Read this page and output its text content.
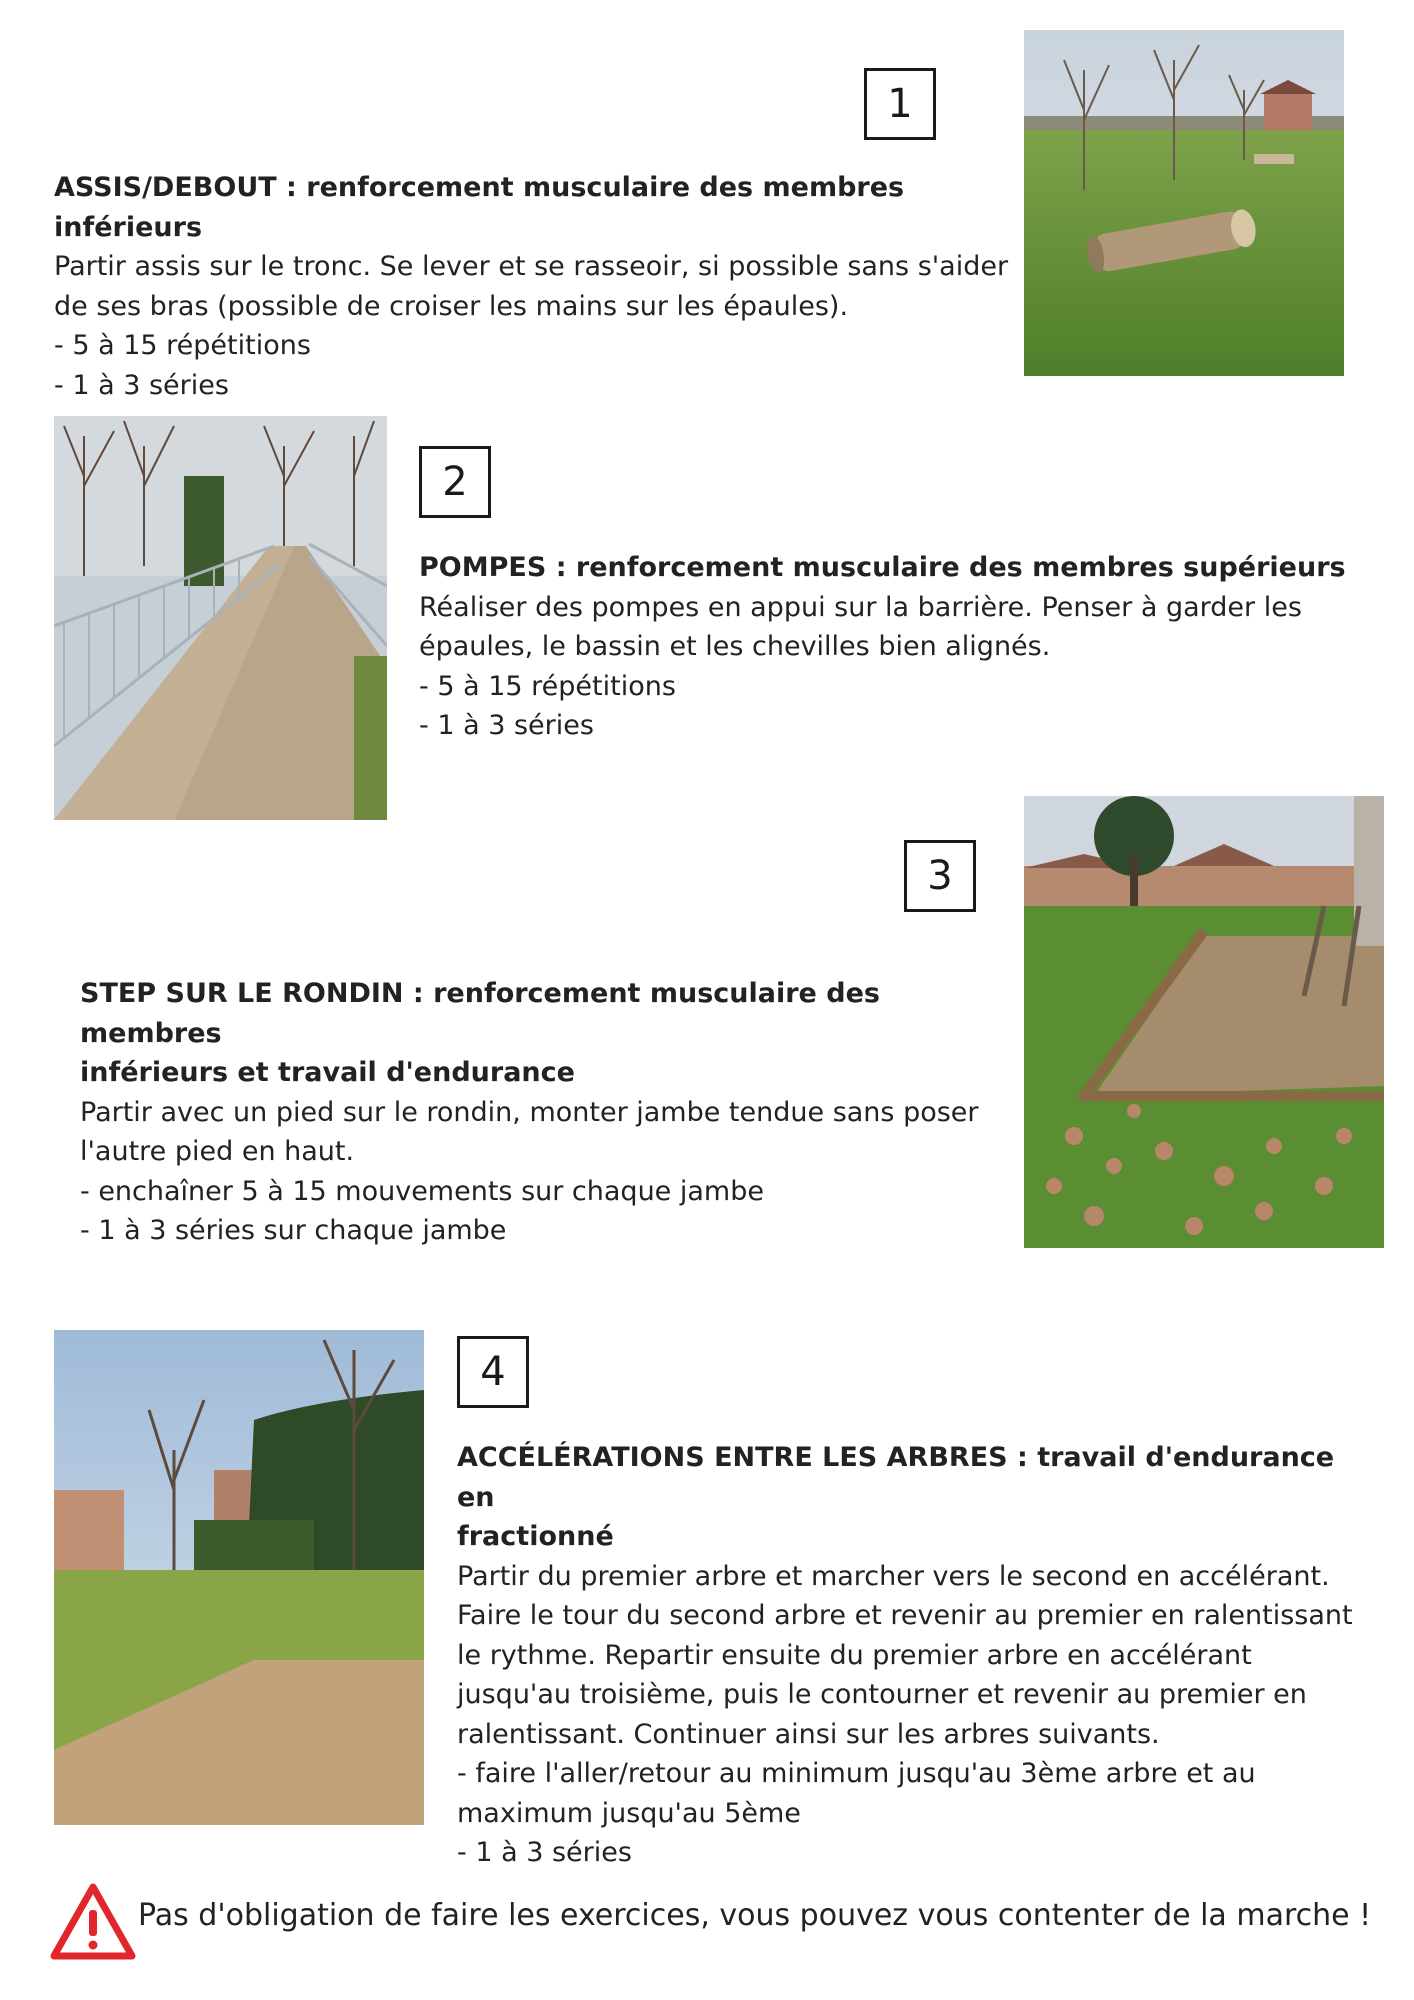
1

ASSIS/DEBOUT : renforcement musculaire des membres inférieurs

Partir assis sur le tronc. Se lever et se rasseoir, si possible sans s'aider

de ses bras (possible de croiser les mains sur les épaules).

- 5 à 15 répétitions

- 1 à 3 séries

2

POMPES : renforcement musculaire des membres supérieurs

Réaliser des pompes en appui sur la barrière. Penser à garder les

épaules, le bassin et les chevilles bien alignés.

- 5 à 15 répétitions

- 1 à 3 séries

3

STEP SUR LE RONDIN : renforcement musculaire des membres

inférieurs et travail d'endurance

Partir avec un pied sur le rondin, monter jambe tendue sans poser

l'autre pied en haut.

- enchaîner 5 à 15 mouvements sur chaque jambe

- 1 à 3 séries sur chaque jambe

4

ACCÉLÉRATIONS ENTRE LES ARBRES : travail d'endurance en

fractionné

Partir du premier arbre et marcher vers le second en accélérant.

Faire le tour du second arbre et revenir au premier en ralentissant

le rythme. Repartir ensuite du premier arbre en accélérant

jusqu'au troisième, puis le contourner et revenir au premier en

ralentissant. Continuer ainsi sur les arbres suivants.

- faire l'aller/retour au minimum jusqu'au 3ème arbre et au

maximum jusqu'au 5ème

- 1 à 3 séries

Pas d'obligation de faire les exercices, vous pouvez vous contenter de la marche !
